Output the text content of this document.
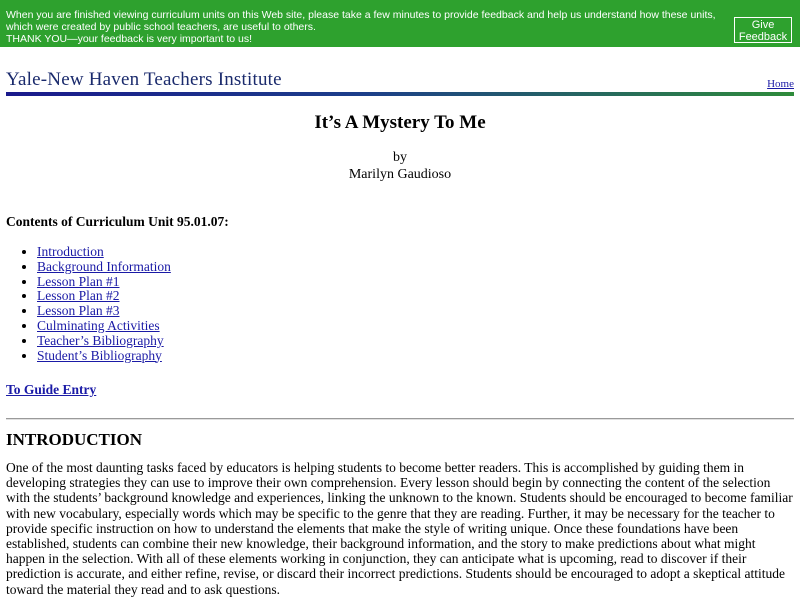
When you are finished viewing curriculum units on this Web site, please take a few minutes to provide feedback and help us understand how these units, which were created by public school teachers, are useful to others.
THANK YOU—your feedback is very important to us!
Give
Feedback
Yale-New Haven Teachers Institute	Home
It’s A Mystery To Me
by
Marilyn Gaudioso
Contents of Curriculum Unit 95.01.07:
• Introduction
• Background Information
• Lesson Plan #1
• Lesson Plan #2
• Lesson Plan #3
• Culminating Activities
• Teacher’s Bibliography
• Student’s Bibliography
To Guide Entry
INTRODUCTION

One of the most daunting tasks faced by educators is helping students to become better readers. This is accomplished by guiding them in developing strategies they can use to improve their own comprehension. Every lesson should begin by connecting the content of the selection with the students’ background knowledge and experiences, linking the unknown to the known. Students should be encouraged to become familiar with new vocabulary, especially words which may be specific to the genre that they are reading. Further, it may be necessary for the teacher to provide specific instruction on how to understand the elements that make the style of writing unique. Once these foundations have been established, students can combine their new knowledge, their background information, and the story to make predictions about what might happen in the selection. With all of these elements working in conjunction, they can anticipate what is upcoming, read to discover if their prediction is accurate, and either refine, revise, or discard their incorrect predictions. Students should be encouraged to adopt a skeptical attitude toward the material they read and to ask questions.
